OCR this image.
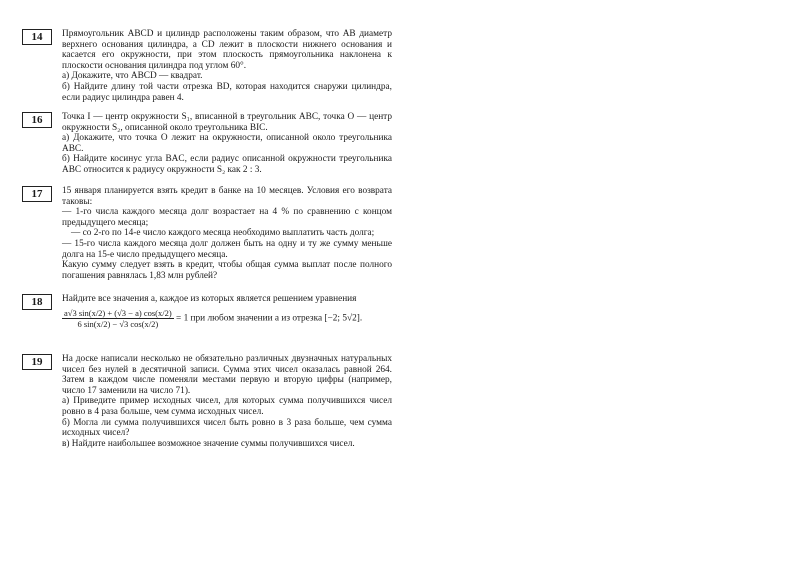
14	Прямоугольник ABCD и цилиндр расположены таким образом, что AB диаметр верхнего основания цилиндра, а CD лежит в плоскости нижнего основания и касается его окружности, при этом плоскость прямоугольника наклонена к плоскости основания цилиндра под углом 60°.

а) Докажите, что ABCD — квадрат.

б) Найдите длину той части отрезка BD, которая находится снаружи цилиндра, если радиус цилиндра равен 4.

16	Точка I — центр окружности S₁, вписанной в треугольник ABC, точка O — центр окружности S₂, описанной около треугольника BIC.

а) Докажите, что точка O лежит на окружности, описанной около треугольника ABC.

б) Найдите косинус угла BAC, если радиус описанной окружности треугольника ABC относится к радиусу окружности S₂ как 2 : 3.

17	15 января планируется взять кредит в банке на 10 месяцев. Условия его возврата таковы:

— 1-го числа каждого месяца долг возрастает на 4 % по сравнению с концом предыдущего месяца;

— со 2-го по 14-е число каждого месяца необходимо выплатить часть долга;

— 15-го числа каждого месяца долг должен быть на одну и ту же сумму меньше долга на 15-е число предыдущего месяца.

Какую сумму следует взять в кредит, чтобы общая сумма выплат после полного погашения равнялась 1,83 млн рублей?

18	Найдите все значения a, каждое из которых является решением уравнения

$\frac{a√3 \sin(x/2) + (√3 - a) \cos(x/2)}{6 \sin(x/2) - √3 \cos(x/2)} = 1$ при любом значении a из отрезка [−2; 5√2].
19	На доске написали несколько не обязательно различных двузначных натуральных чисел без нулей в десятичной записи. Сумма этих чисел оказалась равной 264. Затем в каждом числе поменяли местами первую и вторую цифры (например, число 17 заменили на число 71).

а) Приведите пример исходных чисел, для которых сумма получившихся чисел ровно в 4 раза больше, чем сумма исходных чисел.

б) Могла ли сумма получившихся чисел быть ровно в 3 раза больше, чем сумма исходных чисел?

в) Найдите наибольшее возможное значение суммы получившихся чисел.
